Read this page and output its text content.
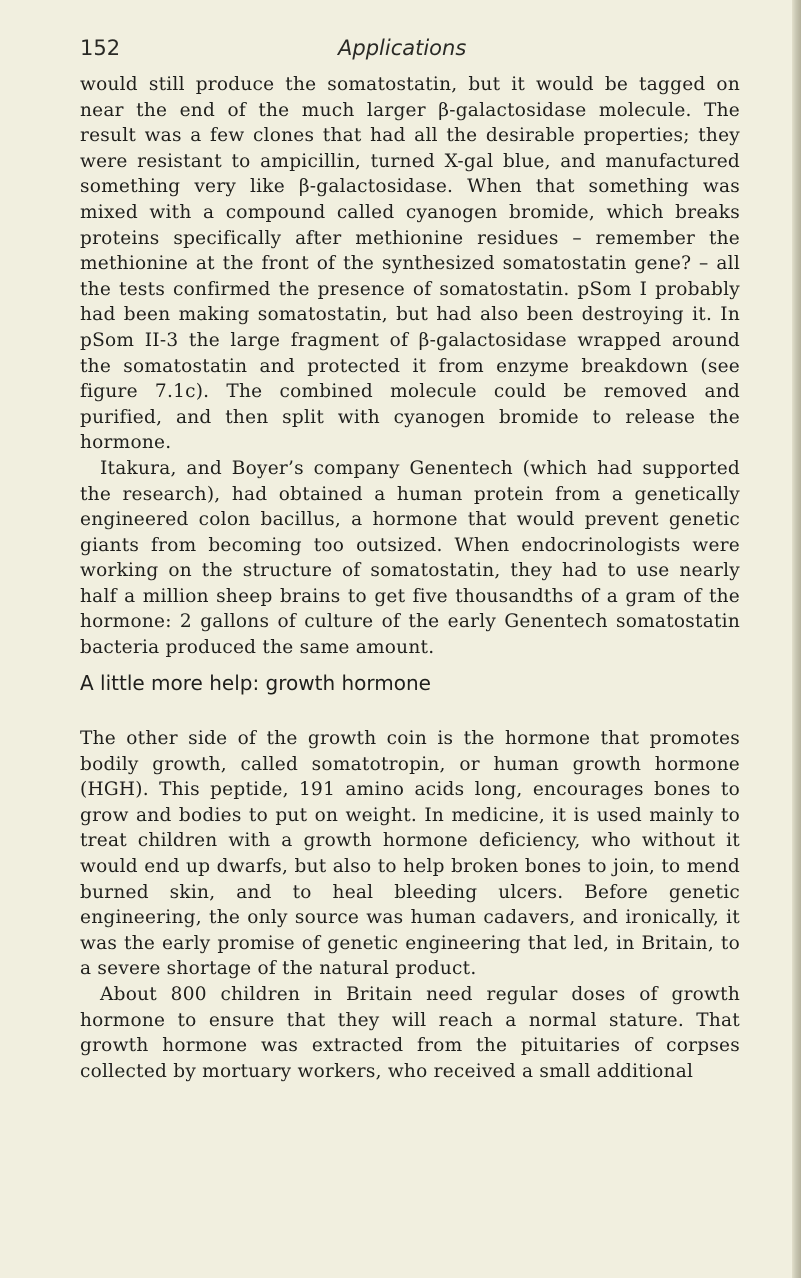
152	Applications

would still produce the somatostatin, but it would be tagged on near the end of the much larger β-galactosidase molecule. The result was a few clones that had all the desirable properties; they were resistant to ampicillin, turned X-gal blue, and manufactured something very like β-galactosidase. When that something was mixed with a compound called cyanogen bromide, which breaks proteins specifically after methionine residues – remember the methionine at the front of the synthesized somatostatin gene? – all the tests confirmed the presence of somatostatin. pSom I probably had been making somatostatin, but had also been destroying it. In pSom II-3 the large fragment of β-galactosidase wrapped around the somatostatin and protected it from enzyme breakdown (see figure 7.1c). The combined molecule could be removed and purified, and then split with cyanogen bromide to release the hormone.

Itakura, and Boyer’s company Genentech (which had supported the research), had obtained a human protein from a genetically engineered colon bacillus, a hormone that would prevent genetic giants from becoming too outsized. When endocrinologists were working on the structure of somatostatin, they had to use nearly half a million sheep brains to get five thousandths of a gram of the hormone: 2 gallons of culture of the early Genentech somatostatin bacteria produced the same amount.

A little more help: growth hormone

The other side of the growth coin is the hormone that promotes bodily growth, called somatotropin, or human growth hormone (HGH). This peptide, 191 amino acids long, encourages bones to grow and bodies to put on weight. In medicine, it is used mainly to treat children with a growth hormone deficiency, who without it would end up dwarfs, but also to help broken bones to join, to mend burned skin, and to heal bleeding ulcers. Before genetic engineering, the only source was human cadavers, and ironically, it was the early promise of genetic engineering that led, in Britain, to a severe shortage of the natural product.

About 800 children in Britain need regular doses of growth hormone to ensure that they will reach a normal stature. That growth hormone was extracted from the pituitaries of corpses collected by mortuary workers, who received a small additional
